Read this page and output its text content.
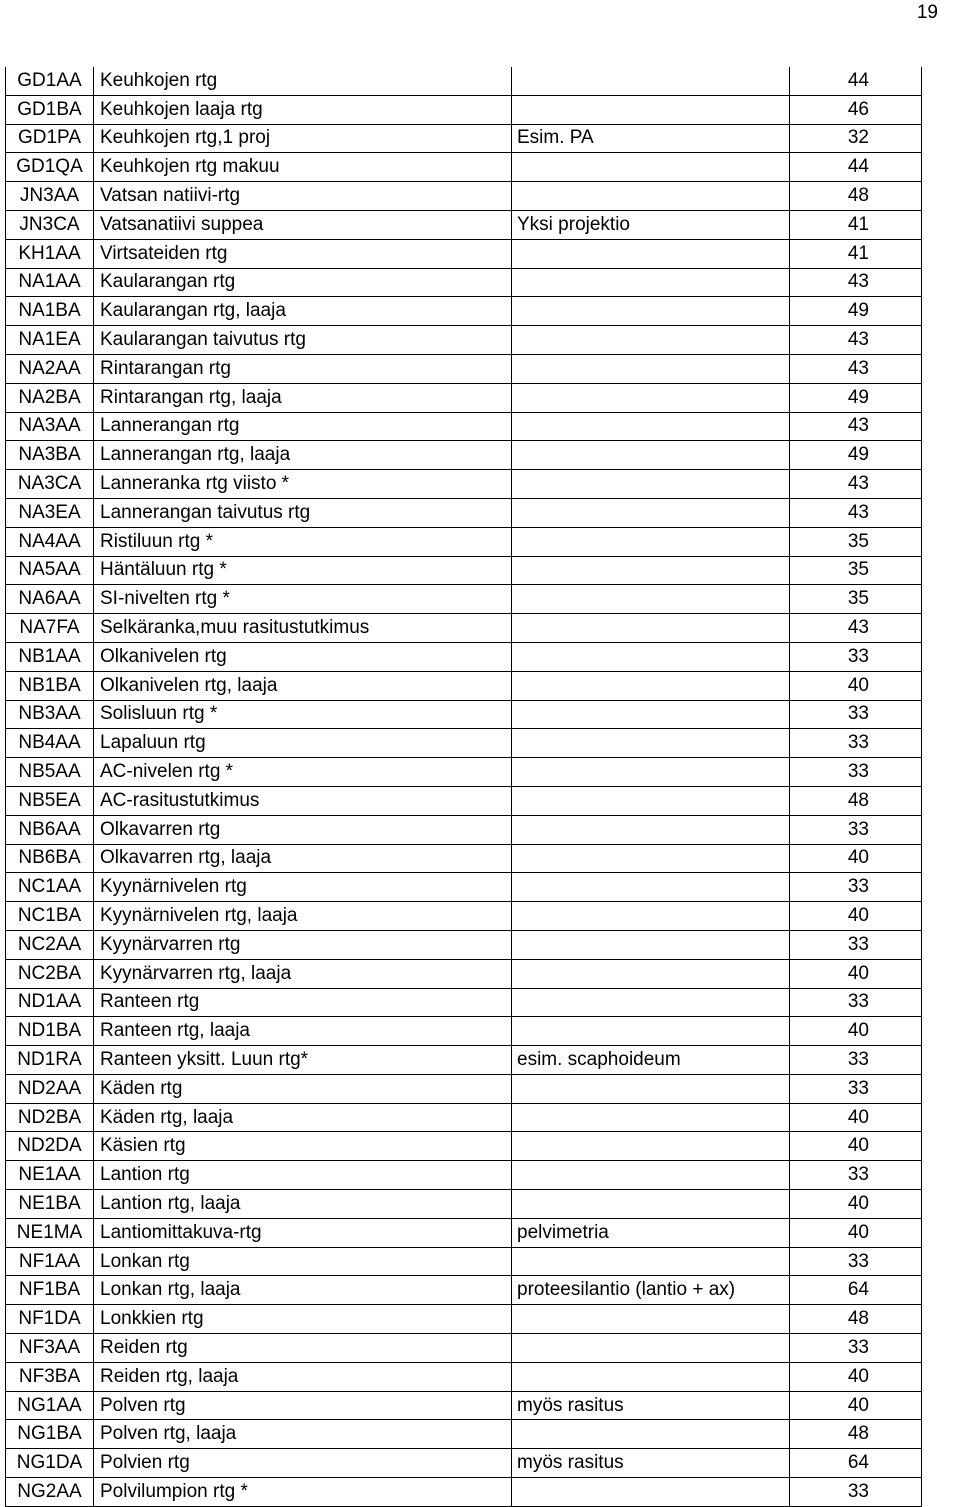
19
GD1AA	Keuhkojen rtg		44
GD1BA	Keuhkojen laaja rtg		46
GD1PA	Keuhkojen rtg,1 proj	Esim. PA	32
GD1QA	Keuhkojen rtg makuu		44
JN3AA	Vatsan natiivi-rtg		48
JN3CA	Vatsanatiivi suppea	Yksi projektio	41
KH1AA	Virtsateiden rtg		41
NA1AA	Kaularangan rtg		43
NA1BA	Kaularangan rtg, laaja		49
NA1EA	Kaularangan taivutus rtg		43
NA2AA	Rintarangan rtg		43
NA2BA	Rintarangan rtg, laaja		49
NA3AA	Lannerangan rtg		43
NA3BA	Lannerangan rtg, laaja		49
NA3CA	Lanneranka rtg viisto *		43
NA3EA	Lannerangan taivutus rtg		43
NA4AA	Ristiluun rtg *		35
NA5AA	Häntäluun rtg *		35
NA6AA	SI-nivelten rtg *		35
NA7FA	Selkäranka,muu rasitustutkimus		43
NB1AA	Olkanivelen rtg		33
NB1BA	Olkanivelen rtg, laaja		40
NB3AA	Solisluun rtg *		33
NB4AA	Lapaluun rtg		33
NB5AA	AC-nivelen rtg *		33
NB5EA	AC-rasitustutkimus		48
NB6AA	Olkavarren rtg		33
NB6BA	Olkavarren rtg, laaja		40
NC1AA	Kyynärnivelen rtg		33
NC1BA	Kyynärnivelen rtg, laaja		40
NC2AA	Kyynärvarren rtg		33
NC2BA	Kyynärvarren rtg, laaja		40
ND1AA	Ranteen rtg		33
ND1BA	Ranteen rtg, laaja		40
ND1RA	Ranteen yksitt. Luun rtg*	esim. scaphoideum	33
ND2AA	Käden rtg		33
ND2BA	Käden rtg, laaja		40
ND2DA	Käsien rtg		40
NE1AA	Lantion rtg		33
NE1BA	Lantion rtg, laaja		40
NE1MA	Lantiomittakuva-rtg	pelvimetria	40
NF1AA	Lonkan rtg		33
NF1BA	Lonkan rtg, laaja	proteesilantio (lantio + ax)	64
NF1DA	Lonkkien rtg		48
NF3AA	Reiden rtg		33
NF3BA	Reiden rtg, laaja		40
NG1AA	Polven rtg	myös rasitus	40
NG1BA	Polven rtg, laaja		48
NG1DA	Polvien rtg	myös rasitus	64
NG2AA	Polvilumpion rtg *		33
